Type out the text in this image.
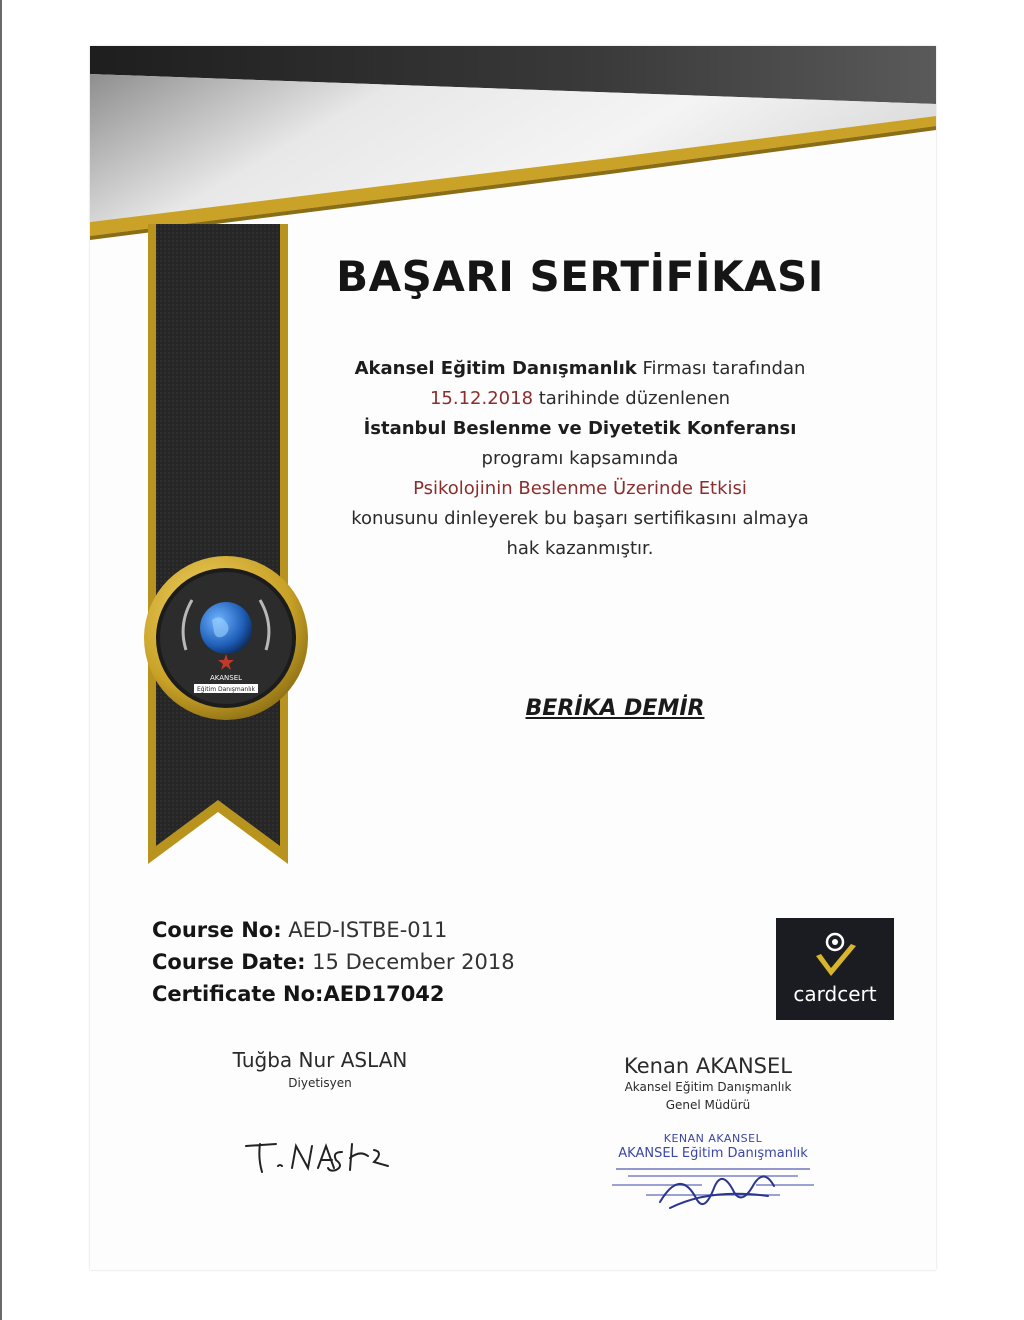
AKANSEL
Eğitim Danışmanlık
BAŞARI SERTİFİKASI
Akansel Eğitim Danışmanlık Firması tarafından
15.12.2018 tarihinde düzenlenen
İstanbul Beslenme ve Diyetetik Konferansı
programı kapsamında
Psikolojinin Beslenme Üzerinde Etkisi
konusunu dinleyerek bu başarı sertifikasını almaya
hak kazanmıştır.
BERİKA DEMİR
Course No: AED-ISTBE-011
Course Date: 15 December 2018
Certificate No:AED17042	cardcert
Tuğba Nur ASLAN
Diyetisyen
Kenan AKANSEL
Akansel Eğitim Danışmanlık
Genel Müdürü
KENAN AKANSEL
AKANSEL Eğitim Danışmanlık
